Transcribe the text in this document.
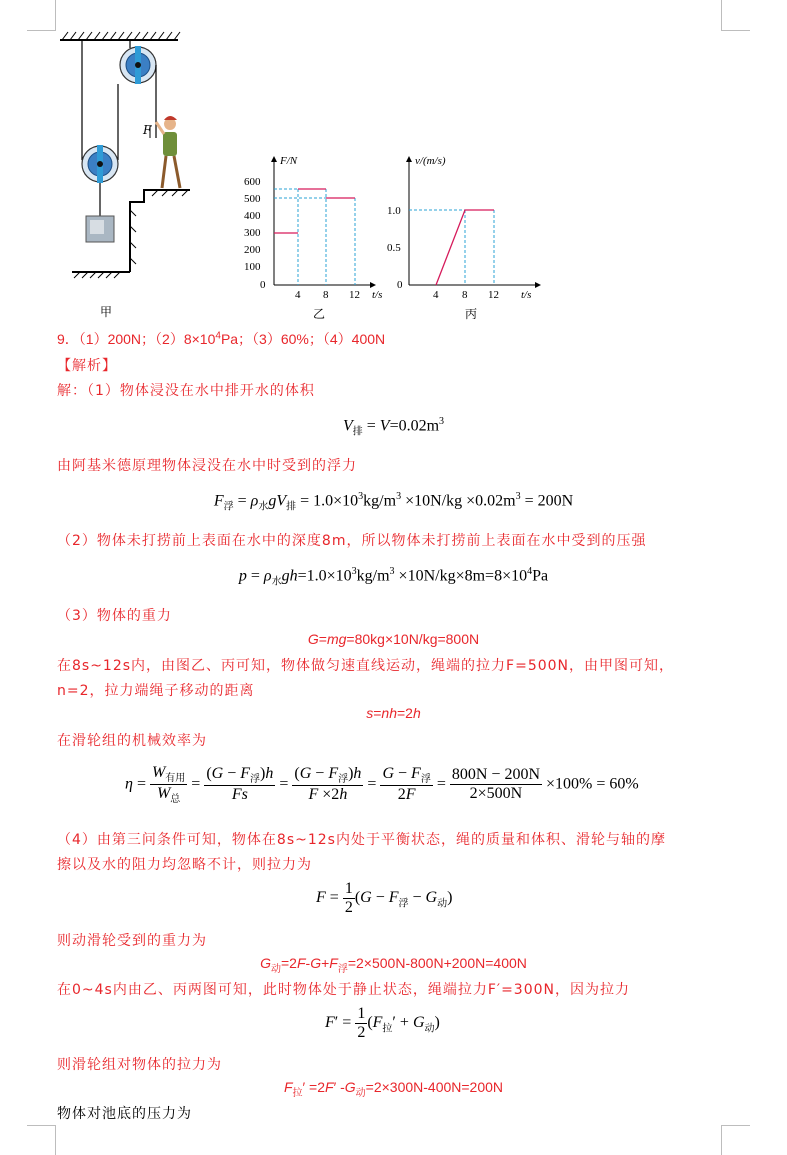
F
甲
F/N
t/s
600
500
400
300
200
100
0
4 8 12
乙
v/(m/s)
t/s
1.0
0.5
0
4 8 12
丙
9．（1）200N；$(2)8\times 10^4Pa$；（3）60%；（4）400N
【解析】
解：（1）物体浸没在水中排开水的体积
$V_排 = V=0.02m^3$
由阿基米德原理物体浸没在水中时受到的浮力
$F_浮 = \rho_水gV_排 = 1.0\times 10^3kg/m^3 \times 10N/kg \times 0.02m^3 = 200N$
（2）物体未打捞前上表面在水中的深度8m，所以物体未打捞前上表面在水中受到的压强
$p = \rho_水gh=1.0\times 10^3kg/m^3 \times 10N/kg\times 8m=8\times 10^4Pa$
（3）物体的重力
G=mg=80kg×10N/kg=800N
在8s~12s内，由图乙、丙可知，物体做匀速直线运动，绳端的拉力F=500N，由甲图可知，
n=2，拉力端绳子移动的距离
s=nh=2h
在滑轮组的机械效率为
$\eta = \frac{W_{有用}}{W_总} = \frac{(G - F_浮)h}{Fs} = \frac{(G - F_浮)h}{F \times 2h} = \frac{G - F_浮}{2F} = \frac{800N - 200N}{2\times 500N} \times 100\% = 60\%$
（4）由第三问条件可知，物体在8s~12s内处于平衡状态，绳的质量和体积、滑轮与轴的摩
擦以及水的阻力均忽略不计，则拉力为
$F = \frac{1}{2} (G - F_浮 - G_动)$
则动滑轮受到的重力为
$G_动=2F-G+F_浮=2\times 500N-800N+200N=400N$
在0~4s内由乙、丙两图可知，此时物体处于静止状态，绳端拉力F′=300N，因为拉力
$F' = \frac{1}{2} (F_拉' + G_动)$
则滑轮组对物体的拉力为
$F_拉' =2F'$ $-G_动=2\times 300N-400N=200N$
物体对池底的压力为
